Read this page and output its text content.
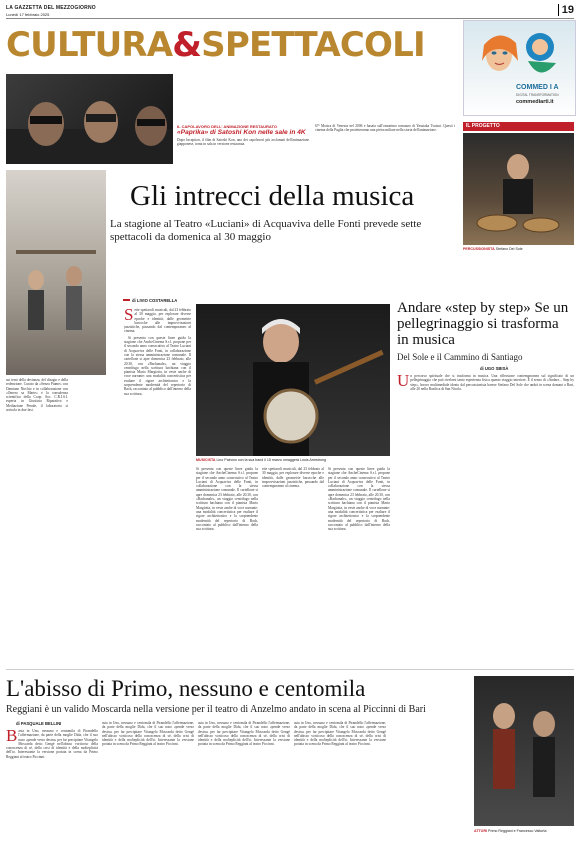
LA GAZZETTA DEL MEZZOGIORNO
Lunedì 17 febbraio 2025	19
CULTURA&SPETTACOLI
COMMED I A
DIGITAL TRANSFORMATION
commediarti.it
IL CAPOLAVORO DELL' ANIMAZIONE RESTAURATO
«Paprika» di Satoshi Kon nelle sale in 4K
Dopo Inception, il film di Satoshi Kon, uno dei capolavori più acclamati dell'animazione giapponese, torna in sala in versione restaurata.
67ª Mostra di Venezia nel 2006 e basata sull'omonimo romanzo di Yasutaka Tsutsui. Questi i cinema della Puglia che proietteranno una pietra miliare nella storia dell'animazione.
IL PROGETTO
PERCUSSIONISTA Stefano Del Sole
Gli intrecci della musica
La stagione al Teatro «Luciani» di Acquaviva delle Fonti prevede sette spettacoli da domenica al 30 maggio
sui temi della devianza, del disagio e della redenzione. Curato da «Senza Piume» con Damiano Nirchio e in collaborazione con «Omero sa Marte» e la consulenza scientifica della Coop. Soc. C.R.I.S.I. esperta in Giustizia Riparativa e Mediazione Penale, il laboratorio si articola in due fasi.
di LIVIO COSTARELLA
Sette spettacoli musicali, dal 23 febbraio al 30 maggio, per esplorare diverse epoche e identità, dalle geometrie barocche alle improvvisazioni jazzistiche, passando dal contemporaneo al cinema.

Si presenta con queste linee guida la stagione che AncheCinema S.r.l. propone per il secondo anno consecutivo al Teatro Luciani di Acquaviva delle Fonti, in collaborazione con la stessa amministrazione comunale. Il cartellone si apre domenica 23 febbraio, alle 20.30, con «Bachanale», un viaggio centrifugo nella scrittura bachiana con il pianista Mario Margiotta, in veste anche di voce narrante: una modalità concertistica per esaltare il rigore architettonico e la sorprendente modernità del repertorio di Bach, raccontato al pubblico dall'interno della sua scrittura.

MUSICISTA Lino Patruno con la sua band il 15 marzo omaggerà Louis Armstrong
Si presenta con queste linee guida la stagione che AncheCinema S.r.l. propone per il secondo anno consecutivo al Teatro Luciani di Acquaviva delle Fonti, in collaborazione con la stessa amministrazione comunale. Il cartellone si apre domenica 23 febbraio, alle 20.30, con «Bachanale», un viaggio centrifugo nella scrittura bachiana con il pianista Mario Margiotta, in veste anche di voce narrante: una modalità concertistica per esaltare il rigore architettonico e la sorprendente modernità del repertorio di Bach, raccontato al pubblico dall'interno della sua scrittura.
ette spettacoli musicali, dal 23 febbraio al 30 maggio, per esplorare diverse epoche e identità, dalle geometrie barocche alle improvvisazioni jazzistiche, passando dal contemporaneo al cinema.
Si presenta con queste linee guida la stagione che AncheCinema S.r.l. propone per il secondo anno consecutivo al Teatro Luciani di Acquaviva delle Fonti, in collaborazione con la stessa amministrazione comunale. Il cartellone si apre domenica 23 febbraio, alle 20.30, con «Bachanale», un viaggio centrifugo nella scrittura bachiana con il pianista Mario Margiotta, in veste anche di voce narrante: una modalità concertistica per esaltare il rigore architettonico e la sorprendente modernità del repertorio di Bach, raccontato al pubblico dall'interno della sua scrittura.
Andare «step by step» Se un pellegrinaggio si trasforma in musica
Del Sole e il Cammino di Santiago
di UGO SBISÀ
Un percorso spirituale che si trasforma in musica. Una riflessione contemporanea sul significato di un pellegrinaggio che può rivelarsi tanto esperienza fisica quanto viaggio interiore. È il senso di «Andare... Step by step», lavoro multimediale ideato dal percussionista barese Stefano Del Sole che andrà in scena domani a Bari, alle 20 nella Basilica di San Nicola.
L'abisso di Primo, nessuno e centomila
Reggiani è un valido Moscarda nella versione per il teatro di Anzelmo andato in scena al Piccinni di Bari
di PASQUALE BELLINI
Basta in Uno, nessuno e centomila di Pirandello l'affermazione, da parte della moglie Dida, che il suo naso «pende verso destra» per far precipitare Vitangelo Moscarda detto Gengè nell'abisso vorticoso della conoscenza di sé, della crisi di identità e della molteplicità dell'io. Interessante la versione portata in scena da Primo Reggiani al teatro Piccinni.
asta in Uno, nessuno e centomila di Pirandello l'affermazione, da parte della moglie Dida, che il suo naso «pende verso destra» per far precipitare Vitangelo Moscarda detto Gengè nell'abisso vorticoso della conoscenza di sé, della crisi di identità e della molteplicità dell'io. Interessante la versione portata in scena da Primo Reggiani al teatro Piccinni.
asta in Uno, nessuno e centomila di Pirandello l'affermazione, da parte della moglie Dida, che il suo naso «pende verso destra» per far precipitare Vitangelo Moscarda detto Gengè nell'abisso vorticoso della conoscenza di sé, della crisi di identità e della molteplicità dell'io. Interessante la versione portata in scena da Primo Reggiani al teatro Piccinni.
asta in Uno, nessuno e centomila di Pirandello l'affermazione, da parte della moglie Dida, che il suo naso «pende verso destra» per far precipitare Vitangelo Moscarda detto Gengè nell'abisso vorticoso della conoscenza di sé, della crisi di identità e della molteplicità dell'io. Interessante la versione portata in scena da Primo Reggiani al teatro Piccinni.
ATTORI Primo Reggiani e Francesco Valtorta
